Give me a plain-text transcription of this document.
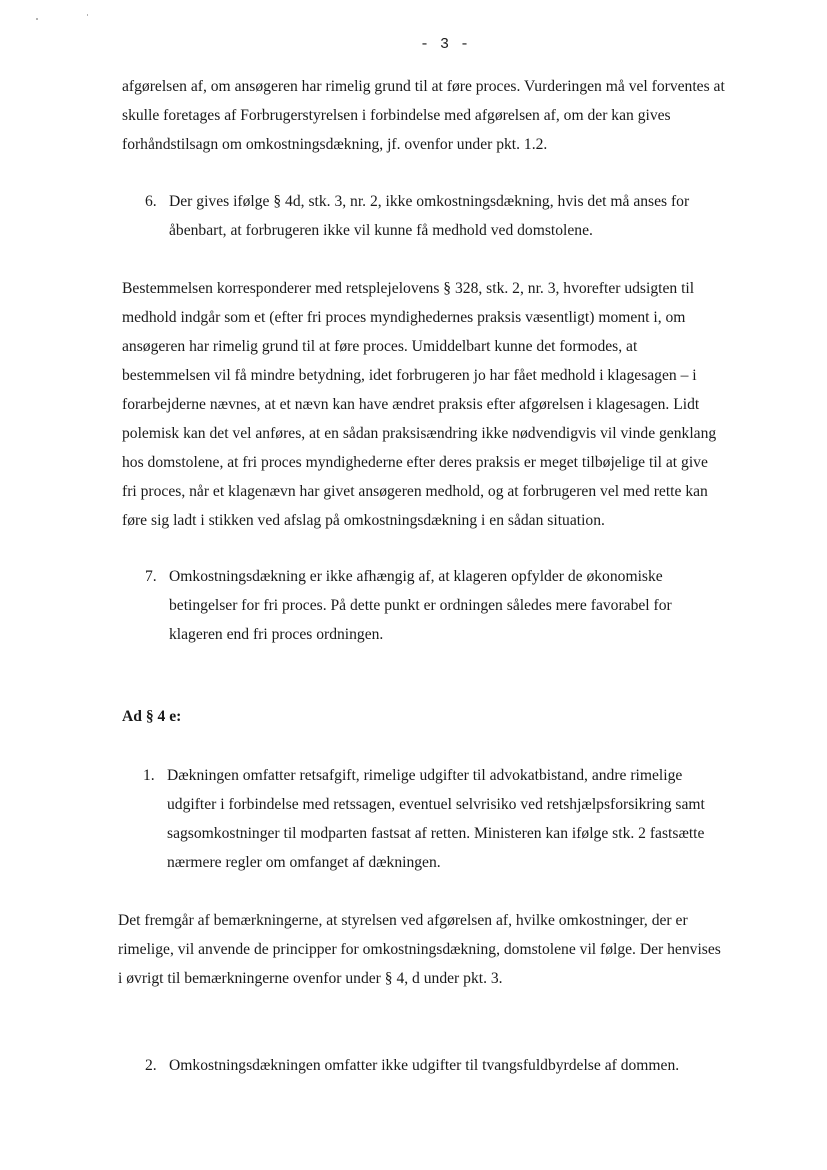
- 3 -

afgørelsen af, om ansøgeren har rimelig grund til at føre proces. Vurderingen må vel forventes at
skulle foretages af Forbrugerstyrelsen i forbindelse med afgørelsen af, om der kan gives
forhåndstilsagn om omkostningsdækning, jf. ovenfor under pkt. 1.2.

6. Der gives ifølge § 4d, stk. 3, nr. 2, ikke omkostningsdækning, hvis det må anses for
åbenbart, at forbrugeren ikke vil kunne få medhold ved domstolene.

Bestemmelsen korresponderer med retsplejelovens § 328, stk. 2, nr. 3, hvorefter udsigten til
medhold indgår som et (efter fri proces myndighedernes praksis væsentligt) moment i, om
ansøgeren har rimelig grund til at føre proces. Umiddelbart kunne det formodes, at
bestemmelsen vil få mindre betydning, idet forbrugeren jo har fået medhold i klagesagen – i
forarbejderne nævnes, at et nævn kan have ændret praksis efter afgørelsen i klagesagen. Lidt
polemisk kan det vel anføres, at en sådan praksisændring ikke nødvendigvis vil vinde genklang
hos domstolene, at fri proces myndighederne efter deres praksis er meget tilbøjelige til at give
fri proces, når et klagenævn har givet ansøgeren medhold, og at forbrugeren vel med rette kan
føre sig ladt i stikken ved afslag på omkostningsdækning i en sådan situation.

7. Omkostningsdækning er ikke afhængig af, at klageren opfylder de økonomiske
betingelser for fri proces. På dette punkt er ordningen således mere favorabel for
klageren end fri proces ordningen.

Ad § 4 e:

1. Dækningen omfatter retsafgift, rimelige udgifter til advokatbistand, andre rimelige
udgifter i forbindelse med retssagen, eventuel selvrisiko ved retshjælpsforsikring samt
sagsomkostninger til modparten fastsat af retten. Ministeren kan ifølge stk. 2 fastsætte
nærmere regler om omfanget af dækningen.

Det fremgår af bemærkningerne, at styrelsen ved afgørelsen af, hvilke omkostninger, der er
rimelige, vil anvende de principper for omkostningsdækning, domstolene vil følge. Der henvises
i øvrigt til bemærkningerne ovenfor under § 4, d under pkt. 3.

2. Omkostningsdækningen omfatter ikke udgifter til tvangsfuldbyrdelse af dommen.
